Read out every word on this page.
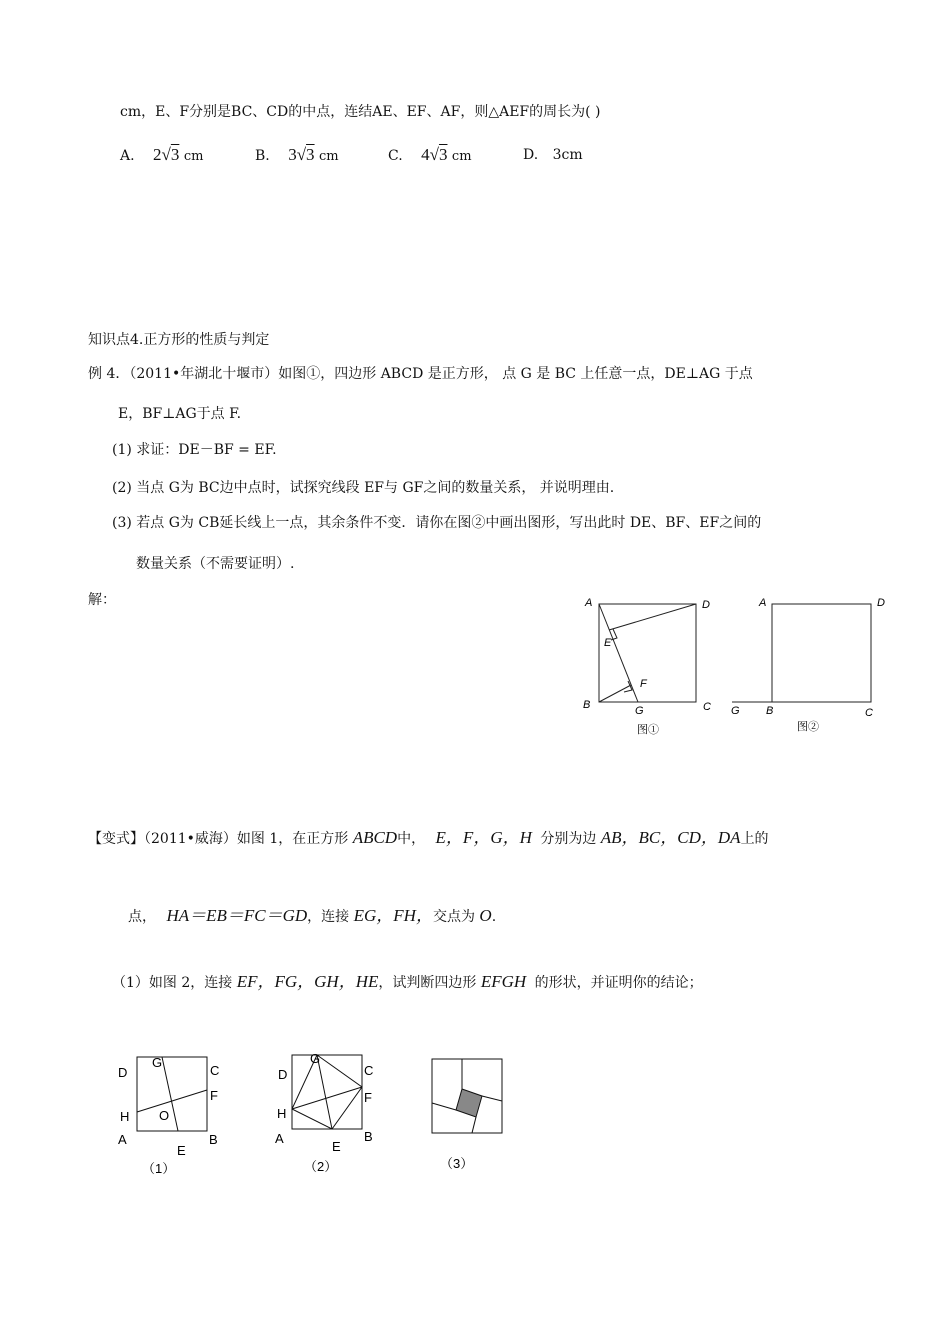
cm，E、F分别是BC、CD的中点，连结AE、EF、AF，则△AEF的周长为( )
A. 2√3 cm	B. 3√3 cm	C. 4√3 cm	D. 3cm
知识点4.正方形的性质与判定
例 4．（2011•年湖北十堰市）如图①，四边形 ABCD 是正方形， 点 G 是 BC 上任意一点，DE⊥AG 于点
E，BF⊥AG于点 F.
(1) 求证：DE－BF = EF.
(2) 当点 G为 BC边中点时，试探究线段 EF与 GF之间的数量关系， 并说明理由.
(3) 若点 G为 CB延长线上一点，其余条件不变．请你在图②中画出图形，写出此时 DE、BF、EF之间的
数量关系（不需要证明）.
解：	A	D
E
F
B	G	C
图①
A	D
G B	C
图②
【变式】（2011•威海）如图 1，在正方形 ABCD中， E，F，G，H 分别为边 AB，BC，CD，DA上的
点， HA＝EB＝FC＝GD，连接 EG，FH，交点为 O.
（1）如图 2，连接 EF，FG，GH，HE，试判断四边形 EFGH 的形状，并证明你的结论；
D
G
C
F
H O
A
E
B
（1）
D
G
C
F
H
A
E
B
（2）	（3）
